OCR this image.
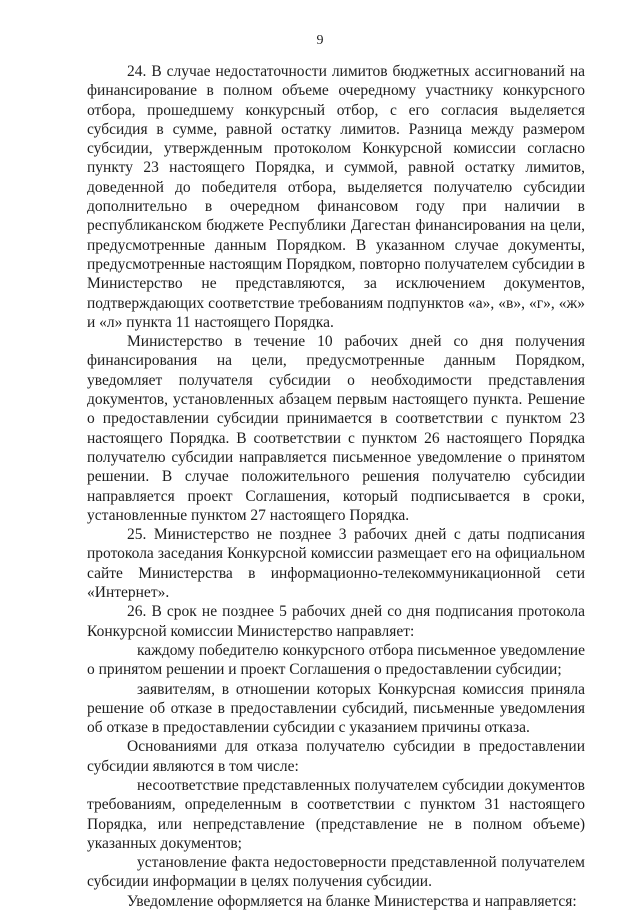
9

24. В случае недостаточности лимитов бюджетных ассигнований на финансирование в полном объеме очередному участнику конкурсного отбора, прошедшему конкурсный отбор, с его согласия выделяется субсидия в сумме, равной остатку лимитов. Разница между размером субсидии, утвержденным протоколом Конкурсной комиссии согласно пункту 23 настоящего Порядка, и суммой, равной остатку лимитов, доведенной до победителя отбора, выделяется получателю субсидии дополнительно в очередном финансовом году при наличии в республиканском бюджете Республики Дагестан финансирования на цели, предусмотренные данным Порядком. В указанном случае документы, предусмотренные настоящим Порядком, повторно получателем субсидии в Министерство не представляются, за исключением документов, подтверждающих соответствие требованиям подпунктов «а», «в», «г», «ж» и «л» пункта 11 настоящего Порядка.

Министерство в течение 10 рабочих дней со дня получения финансирования на цели, предусмотренные данным Порядком, уведомляет получателя субсидии о необходимости представления документов, установленных абзацем первым настоящего пункта. Решение о предоставлении субсидии принимается в соответствии с пунктом 23 настоящего Порядка. В соответствии с пунктом 26 настоящего Порядка получателю субсидии направляется письменное уведомление о принятом решении. В случае положительного решения получателю субсидии направляется проект Соглашения, который подписывается в сроки, установленные пунктом 27 настоящего Порядка.

25. Министерство не позднее 3 рабочих дней с даты подписания протокола заседания Конкурсной комиссии размещает его на официальном сайте Министерства в информационно-телекоммуникационной сети «Интернет».

26. В срок не позднее 5 рабочих дней со дня подписания протокола Конкурсной комиссии Министерство направляет:

каждому победителю конкурсного отбора письменное уведомление о принятом решении и проект Соглашения о предоставлении субсидии;

заявителям, в отношении которых Конкурсная комиссия приняла решение об отказе в предоставлении субсидий, письменные уведомления об отказе в предоставлении субсидии с указанием причины отказа.

Основаниями для отказа получателю субсидии в предоставлении субсидии являются в том числе:

несоответствие представленных получателем субсидии документов требованиям, определенным в соответствии с пунктом 31 настоящего Порядка, или непредставление (представление не в полном объеме) указанных документов;

установление факта недостоверности представленной получателем субсидии информации в целях получения субсидии.

Уведомление оформляется на бланке Министерства и направляется:
